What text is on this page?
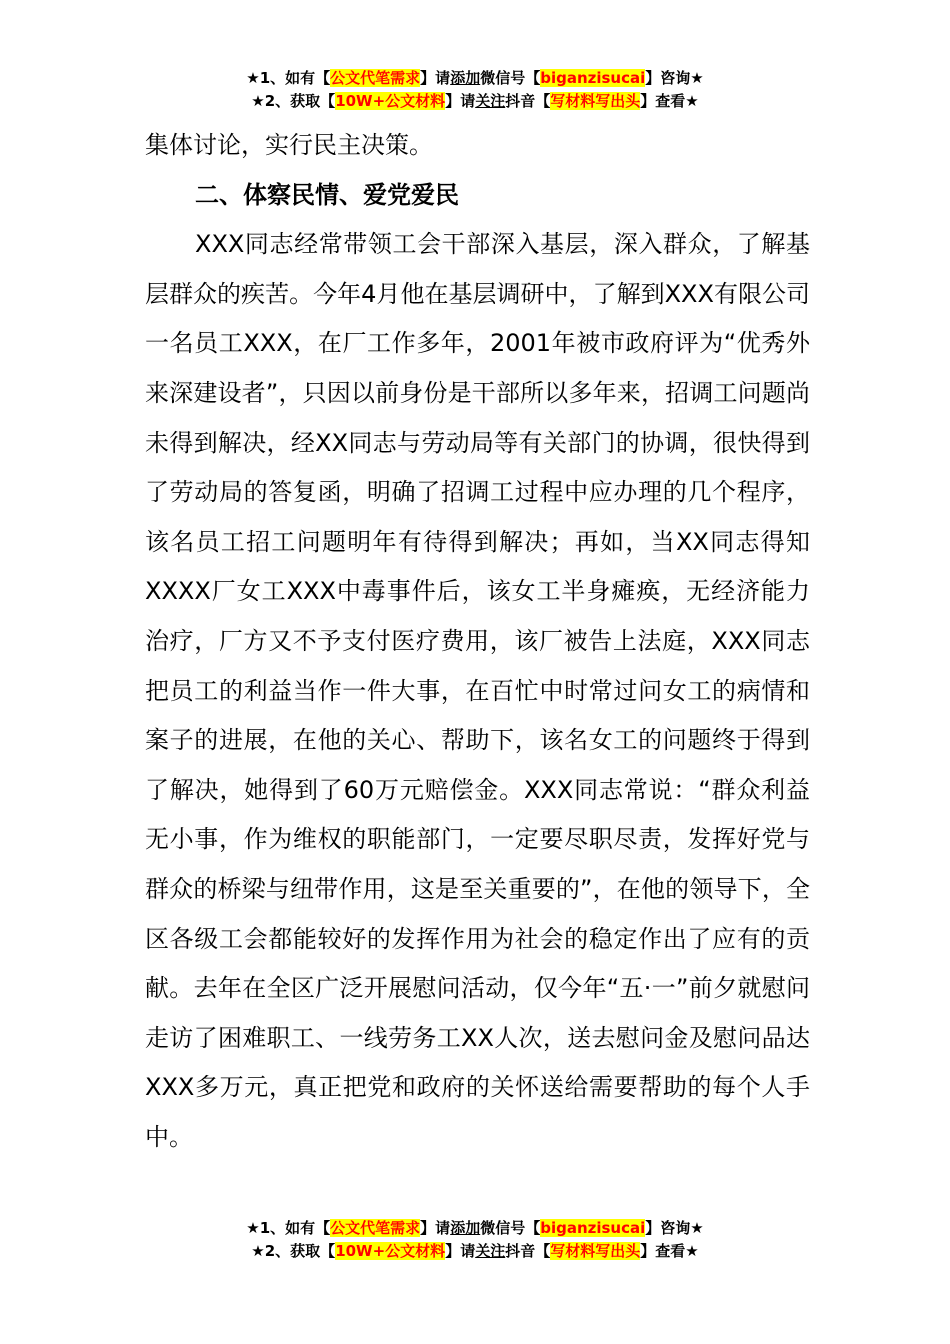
★1、如有【公文代笔需求】请添加微信号【biganzisucai】咨询★
★2、获取【10W+公文材料】请关注抖音【写材料写出头】查看★

集体讨论，实行民主决策。

二、体察民情、爱党爱民

XXX同志经常带领工会干部深入基层，深入群众，了解基层群众的疾苦。今年4月他在基层调研中，了解到XXX有限公司一名员工XXX，在厂工作多年，2001年被市政府评为“优秀外来深建设者”，只因以前身份是干部所以多年来，招调工问题尚未得到解决，经XX同志与劳动局等有关部门的协调，很快得到了劳动局的答复函，明确了招调工过程中应办理的几个程序，该名员工招工问题明年有待得到解决；再如，当XX同志得知XXXX厂女工XXX中毒事件后，该女工半身瘫痪，无经济能力治疗，厂方又不予支付医疗费用，该厂被告上法庭，XXX同志把员工的利益当作一件大事，在百忙中时常过问女工的病情和案子的进展，在他的关心、帮助下，该名女工的问题终于得到了解决，她得到了60万元赔偿金。XXX同志常说：“群众利益无小事，作为维权的职能部门，一定要尽职尽责，发挥好党与群众的桥梁与纽带作用，这是至关重要的”，在他的领导下，全区各级工会都能较好的发挥作用为社会的稳定作出了应有的贡献。去年在全区广泛开展慰问活动，仅今年“五·一”前夕就慰问走访了困难职工、一线劳务工XX人次，送去慰问金及慰问品达XXX多万元，真正把党和政府的关怀送给需要帮助的每个人手中。

★1、如有【公文代笔需求】请添加微信号【biganzisucai】咨询★
★2、获取【10W+公文材料】请关注抖音【写材料写出头】查看★
